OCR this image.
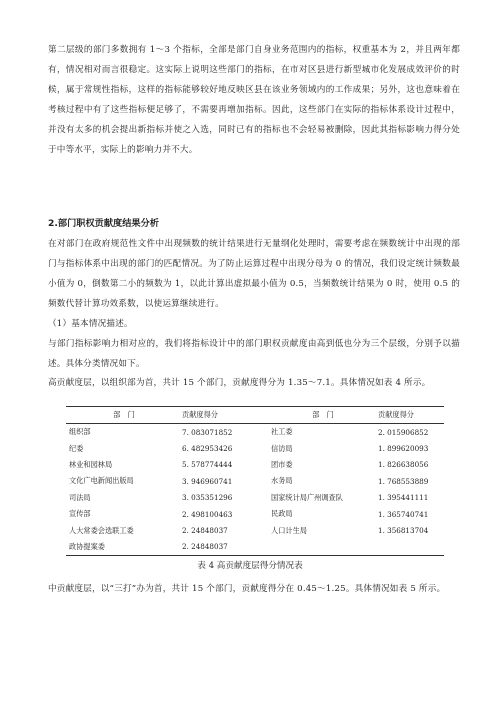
第二层级的部门多数拥有 1～3 个指标，全部是部门自身业务范围内的指标，权重基本为 2，并且两年都有，情况相对而言很稳定。这实际上说明这些部门的指标，在市对区县进行新型城市化发展成效评价的时候，属于常规性指标，这样的指标能够较好地反映区县在该业务领域内的工作成果；另外，这也意味着在考核过程中有了这些指标便足够了，不需要再增加指标。因此，这些部门在实际的指标体系设计过程中，并没有太多的机会提出新指标并使之入选，同时已有的指标也不会轻易被删除，因此其指标影响力得分处于中等水平，实际上的影响力并不大。

2.部门职权贡献度结果分析

在对部门在政府规范性文件中出现频数的统计结果进行无量纲化处理时，需要考虑在频数统计中出现的部门与指标体系中出现的部门的匹配情况。为了防止运算过程中出现分母为 0 的情况，我们设定统计频数最小值为 0，倒数第二小的频数为 1，以此计算出虚拟最小值为 0.5，当频数统计结果为 0 时，使用 0.5 的频数代替计算功效系数，以使运算继续进行。

（1）基本情况描述。

与部门指标影响力相对应的，我们将指标设计中的部门职权贡献度由高到低也分为三个层级，分别予以描述。具体分类情况如下。

高贡献度层，以组织部为首，共计 15 个部门，贡献度得分为 1.35～7.1。具体情况如表 4 所示。

部　门	贡献度得分	部　门	贡献度得分
组织部	7. 083071852	社工委	2. 015906852
纪委	6. 482953426	信访局	1. 899620093
林业和园林局	5. 578774444	团市委	1. 826638056
文化广电新闻出版局	3. 946960741	水务局	1. 768553889
司法局	3. 035351296	国家统计局广州调查队	1. 395441111
宣传部	2. 498100463	民政局	1. 365740741
人大常委会选联工委	2. 24848037	人口计生局	1. 356813704
政协提案委	2. 24848037		

表 4 高贡献度层得分情况表

中贡献度层，以“三打”办为首，共计 15 个部门，贡献度得分在 0.45～1.25。具体情况如表 5 所示。
